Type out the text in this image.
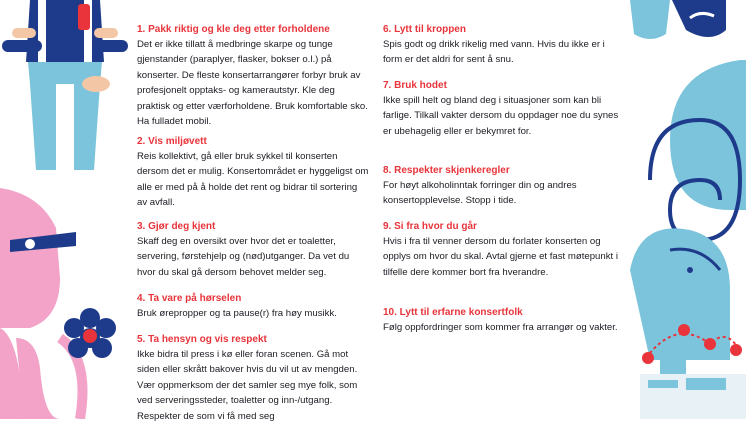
1. Pakk riktig og kle deg etter forholdene

Det er ikke tillatt å medbringe skarpe og tunge gjenstander (paraplyer, flasker, bokser o.l.) på konserter. De fleste konsertarrangører forbyr bruk av profesjonelt opptaks- og kamerautstyr. Kle deg praktisk og etter værforholdene. Bruk komfortable sko. Ha fulladet mobil.

2. Vis miljøvett

Reis kollektivt, gå eller bruk sykkel til konserten dersom det er mulig. Konsertområdet er hyggeligst om alle er med på å holde det rent og bidrar til sortering av avfall.

3. Gjør deg kjent

Skaff deg en oversikt over hvor det er toaletter, servering, førstehjelp og (nød)utganger. Da vet du hvor du skal gå dersom behovet melder seg.

4. Ta vare på hørselen

Bruk ørepropper og ta pause(r) fra høy musikk.

5. Ta hensyn og vis respekt

Ikke bidra til press i kø eller foran scenen. Gå mot siden eller skrått bakover hvis du vil ut av mengden. Vær oppmerksom der det samler seg mye folk, som ved serveringssteder, toaletter og inn-/utgang. Respekter de som vi få med seg

6. Lytt til kroppen

Spis godt og drikk rikelig med vann. Hvis du ikke er i form er det aldri for sent å snu.

7. Bruk hodet

Ikke spill helt og bland deg i situasjoner som kan bli farlige. Tilkall vakter dersom du oppdager noe du synes er ubehagelig eller er bekymret for.

8. Respekter skjenkeregler

For høyt alkoholinntak forringer din og andres konsertopplevelse. Stopp i tide.

9. Si fra hvor du går

Hvis i fra til venner dersom du forlater konserten og opplys om hvor du skal. Avtal gjerne et fast møtepunkt i tilfelle dere kommer bort fra hverandre.

10. Lytt til erfarne konsertfolk

Følg oppfordringer som kommer fra arrangør og vakter.
